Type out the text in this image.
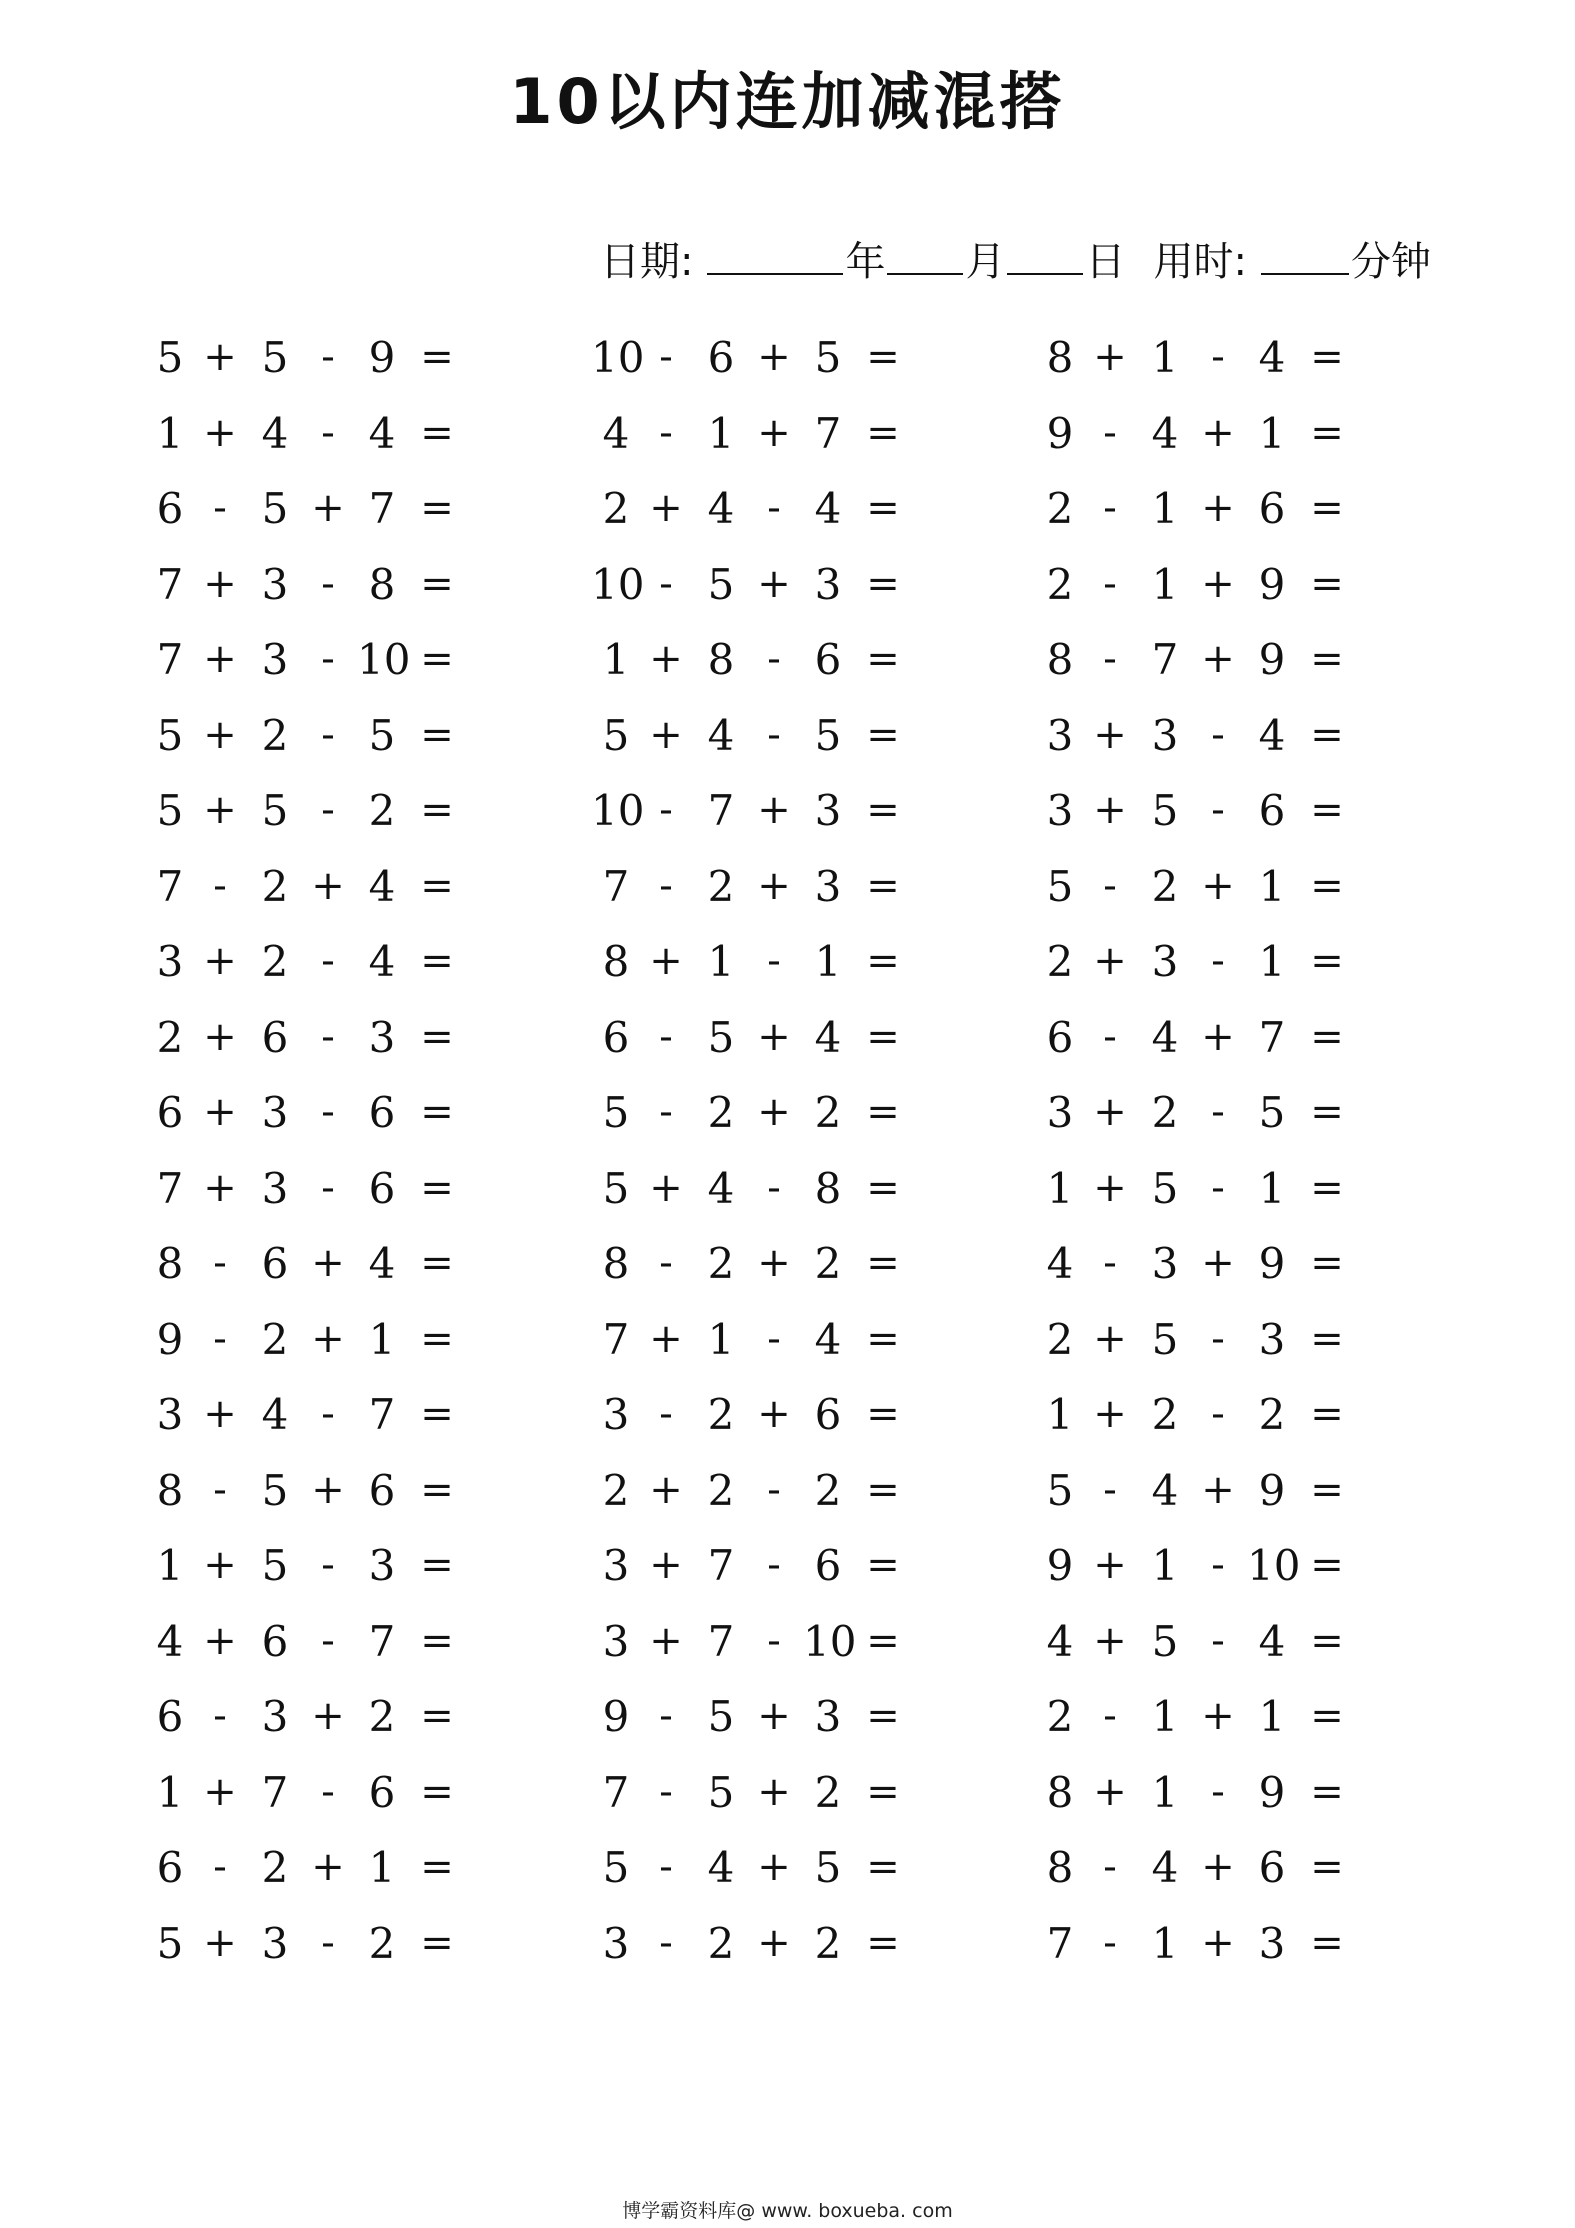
10以内连加减混搭
日期:	年 月 日 用时:	分钟
5 + 5 - 9 =
1 + 4 - 4 =
6 - 5 + 7 =
7 + 3 - 8 =
7 + 3 - 10 =
5 + 2 - 5 =
5 + 5 - 2 =
7 - 2 + 4 =
3 + 2 - 4 =
2 + 6 - 3 =
6 + 3 - 6 =
7 + 3 - 6 =
8 - 6 + 4 =
9 - 2 + 1 =
3 + 4 - 7 =
8 - 5 + 6 =
1 + 5 - 3 =
4 + 6 - 7 =
6 - 3 + 2 =
1 + 7 - 6 =
6 - 2 + 1 =
5 + 3 - 2 =
10 - 6 + 5 =
4 - 1 + 7 =
2 + 4 - 4 =
10 - 5 + 3 =
1 + 8 - 6 =
5 + 4 - 5 =
10 - 7 + 3 =
7 - 2 + 3 =
8 + 1 - 1 =
6 - 5 + 4 =
5 - 2 + 2 =
5 + 4 - 8 =
8 - 2 + 2 =
7 + 1 - 4 =
3 - 2 + 6 =
2 + 2 - 2 =
3 + 7 - 6 =
3 + 7 - 10 =
9 - 5 + 3 =
7 - 5 + 2 =
5 - 4 + 5 =
3 - 2 + 2 =
8 + 1 - 4 =
9 - 4 + 1 =
2 - 1 + 6 =
2 - 1 + 9 =
8 - 7 + 9 =
3 + 3 - 4 =
3 + 5 - 6 =
5 - 2 + 1 =
2 + 3 - 1 =
6 - 4 + 7 =
3 + 2 - 5 =
1 + 5 - 1 =
4 - 3 + 9 =
2 + 5 - 3 =
1 + 2 - 2 =
5 - 4 + 9 =
9 + 1 - 10 =
4 + 5 - 4 =
2 - 1 + 1 =
8 + 1 - 9 =
8 - 4 + 6 =
7 - 1 + 3 =
博学霸资料库@ www. boxueba. com
